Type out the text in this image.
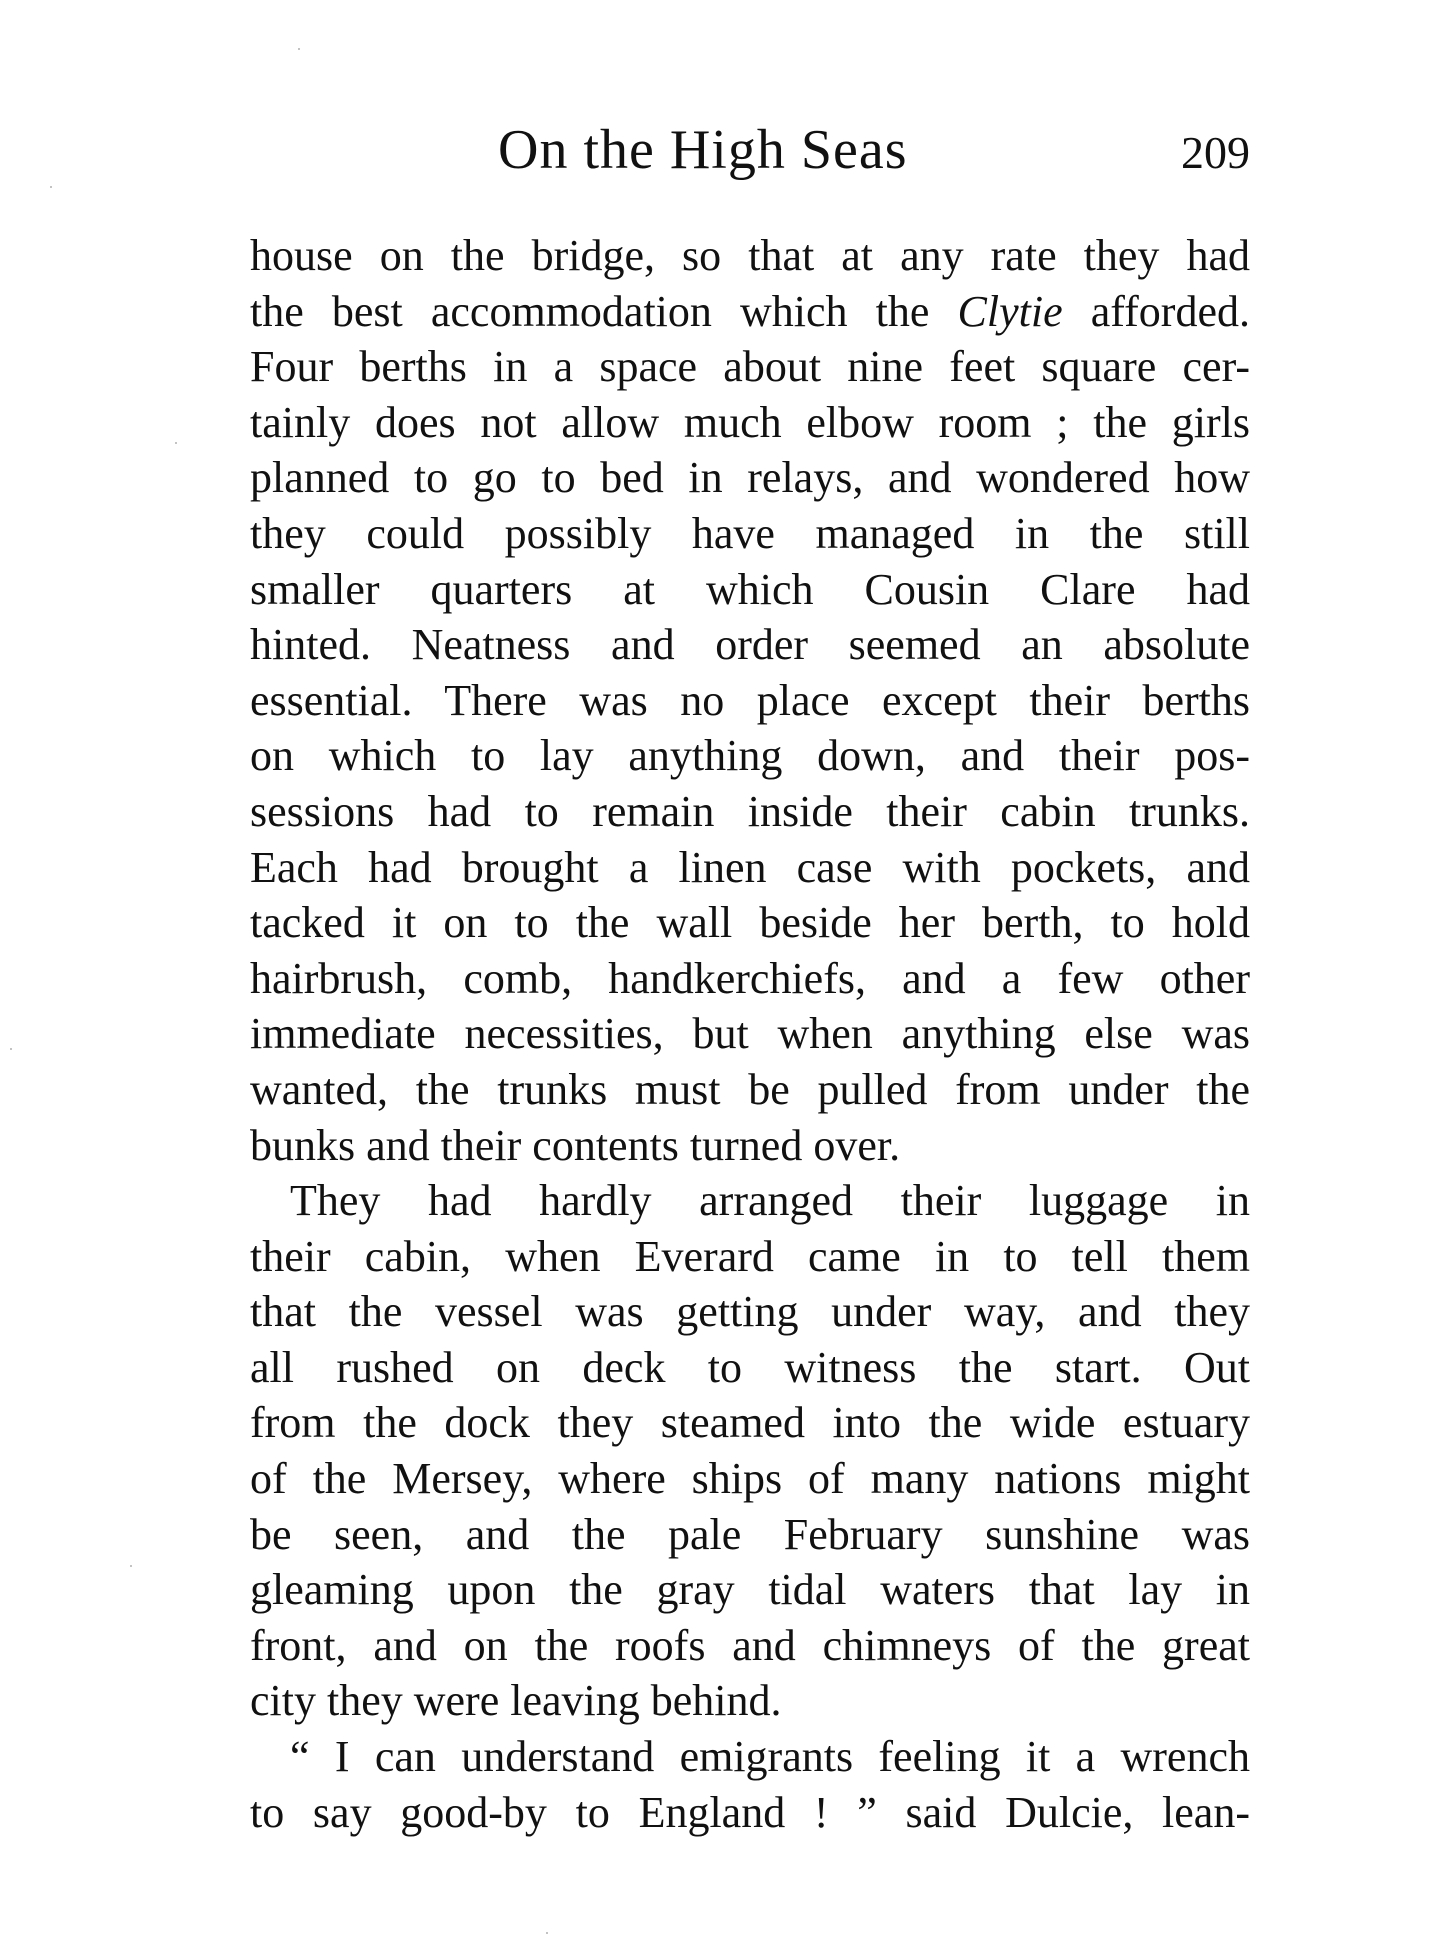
On the High Seas	209
house on the bridge, so that at any rate they had
the best accommodation which the Clytie afforded.
Four berths in a space about nine feet square cer-
tainly does not allow much elbow room ; the girls
planned to go to bed in relays, and wondered how
they could possibly have managed in the still
smaller quarters at which Cousin Clare had
hinted. Neatness and order seemed an absolute
essential. There was no place except their berths
on which to lay anything down, and their pos-
sessions had to remain inside their cabin trunks.
Each had brought a linen case with pockets, and
tacked it on to the wall beside her berth, to hold
hairbrush, comb, handkerchiefs, and a few other
immediate necessities, but when anything else was
wanted, the trunks must be pulled from under the
bunks and their contents turned over.
They had hardly arranged their luggage in
their cabin, when Everard came in to tell them
that the vessel was getting under way, and they
all rushed on deck to witness the start. Out
from the dock they steamed into the wide estuary
of the Mersey, where ships of many nations might
be seen, and the pale February sunshine was
gleaming upon the gray tidal waters that lay in
front, and on the roofs and chimneys of the great
city they were leaving behind.
“ I can understand emigrants feeling it a wrench
to say good-by to England ! ” said Dulcie, lean-
